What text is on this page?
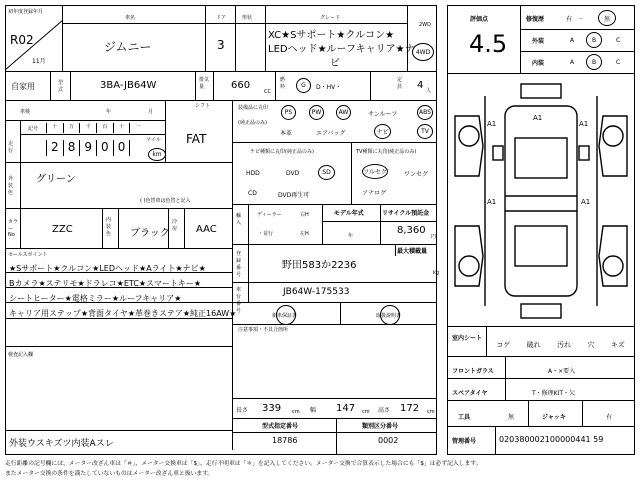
初年度登録年月
R02
11月
車名
ジムニー
ドア
3
形状	グレード
XC★Sサポート★クルコン★
LEDヘッド★ルーフキャリア★ナ
ビ
2WD
4WD
自家用	型式	3BA-JB64W	排気量	660
CC
燃料	G D・HV・
定員 4 人
車検	年	月
シフト
FAT
走行
記号	十	万	千	百	十	一
2 8 9 0 0	マイル
km
外装色
グリーン
( )色替車は色替と記入
カラー No	ZZC
内装色 ブラック
冷房 AAC
セールスポイント
★Sサポート★クルコン★LEDヘッド★Aライト★ナビ★
Bカメラ★ステリモ★ドラレコ★ETC★スマートキー★
シートヒーター★電格ミラー★ルーフキャリア★
キャリア用ステップ★背面タイヤ★革巻きステア★純正16AW★
検査記入欄
外装ウスキズツ内装Aスレ
装備品に丸印
(純正品のみ)
PS	PW	AW	サンルーフ	ABS
本革	エアバッグ	ナビ	TV
ナビ種類に丸印(純正品のみ)	TV種類に丸印(純正品のみ)
HDD	DVD	SD
CD	DVD再生可
フルセグ	ワンセグ
アナログ
輸入
ディーラー
・並行
右H
左H
モデル年式
年
リサイクル預託金
8,360
円
登録番号
野田583か2236
最大積載量
kg
車台番号
JB64W-175533
新車保証書	取扱説明書
注意事項・不具合箇所
長さ 339 cm 幅 147 cm 高さ 172 cm
型式指定番号	類別区分番号
18786	0002
評価点
4.5
修復歴	有　 －	無
外装	A	B	C
内装	A	B	C
A1
A1	A1
A1	A1
室内シート
コゲ 破れ 汚れ 穴 キズ
フロントガラス	A・×要入
スペアタイヤ	T・修理KIT・欠
工具	無	ジャッキ	有
管理番号	020380002100000441 59
走行距離の記号欄には、メーター改ざん車は「＃」、メーター交換車は「$」、走行不明車は「＊」を記入してください。メーター交換で合算表示した場合にも「$」は必ず記入します。
またメーター交換の条件を満たしていないものはメーター改ざん車と扱います。
